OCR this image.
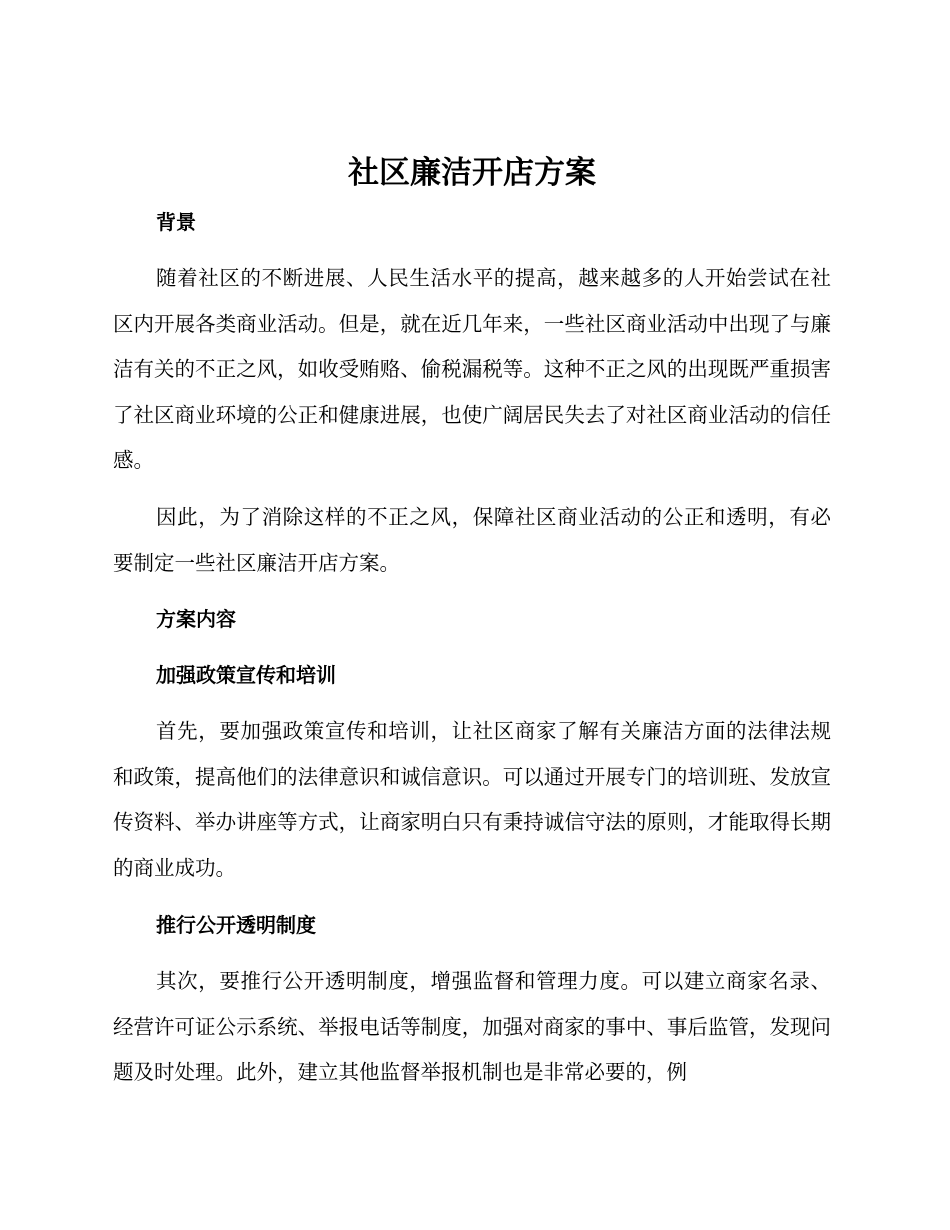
社区廉洁开店方案
背景

随着社区的不断进展、人民生活水平的提高，越来越多的人开始尝试在社区内开展各类商业活动。但是，就在近几年来，一些社区商业活动中出现了与廉洁有关的不正之风，如收受贿赂、偷税漏税等。这种不正之风的出现既严重损害了社区商业环境的公正和健康进展，也使广阔居民失去了对社区商业活动的信任感。

因此，为了消除这样的不正之风，保障社区商业活动的公正和透明，有必要制定一些社区廉洁开店方案。

方案内容
加强政策宣传和培训

首先，要加强政策宣传和培训，让社区商家了解有关廉洁方面的法律法规和政策，提高他们的法律意识和诚信意识。可以通过开展专门的培训班、发放宣传资料、举办讲座等方式，让商家明白只有秉持诚信守法的原则，才能取得长期的商业成功。

推行公开透明制度

其次，要推行公开透明制度，增强监督和管理力度。可以建立商家名录、经营许可证公示系统、举报电话等制度，加强对商家的事中、事后监管，发现问题及时处理。此外，建立其他监督举报机制也是非常必要的，例
